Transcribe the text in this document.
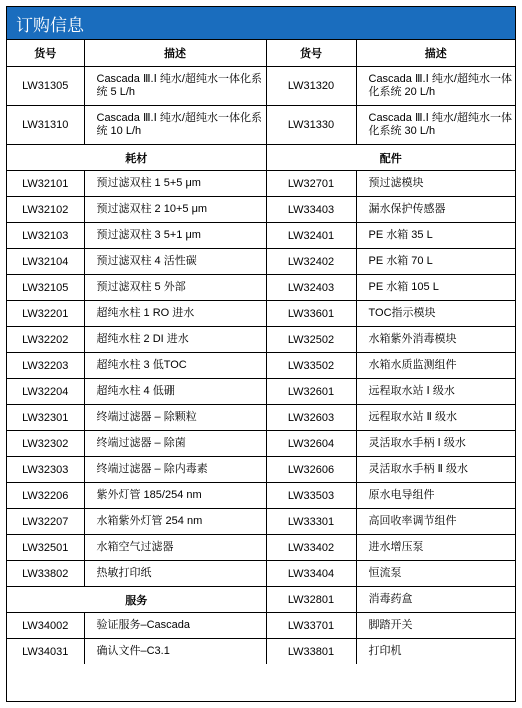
订购信息
货号	描述	货号	描述
LW31305	Cascada Ⅲ.Ⅰ 纯水/超纯水一体化系统 5 L/h	LW31320	Cascada Ⅲ.Ⅰ 纯水/超纯水一体化系统 20 L/h
LW31310	Cascada Ⅲ.Ⅰ 纯水/超纯水一体化系统 10 L/h	LW31330	Cascada Ⅲ.Ⅰ 纯水/超纯水一体化系统 30 L/h
耗材		配件	
LW32101	预过滤双柱 1 5+5 μm	LW32701	预过滤模块
LW32102	预过滤双柱 2 10+5 μm	LW33403	漏水保护传感器
LW32103	预过滤双柱 3 5+1 μm	LW32401	PE 水箱 35 L
LW32104	预过滤双柱 4 活性碳	LW32402	PE 水箱 70 L
LW32105	预过滤双柱 5 外部	LW32403	PE 水箱 105 L
LW32201	超纯水柱 1 RO 进水	LW33601	TOC指示模块
LW32202	超纯水柱 2 DI 进水	LW32502	水箱紫外消毒模块
LW32203	超纯水柱 3 低TOC	LW33502	水箱水质监测组件
LW32204	超纯水柱 4 低硼	LW32601	远程取水站 Ⅰ 级水
LW32301	终端过滤器 – 除颗粒	LW32603	远程取水站 Ⅱ 级水
LW32302	终端过滤器 – 除菌	LW32604	灵活取水手柄 Ⅰ 级水
LW32303	终端过滤器 – 除内毒素	LW32606	灵活取水手柄 Ⅱ 级水
LW32206	紫外灯管 185/254 nm	LW33503	原水电导组件
LW32207	水箱紫外灯管 254 nm	LW33301	高回收率调节组件
LW32501	水箱空气过滤器	LW33402	进水增压泵
LW33802	热敏打印纸	LW33404	恒流泵
服务		LW32801	消毒药盒
LW34002	验证服务–Cascada	LW33701	脚踏开关
LW34031	确认文件–C3.1	LW33801	打印机
